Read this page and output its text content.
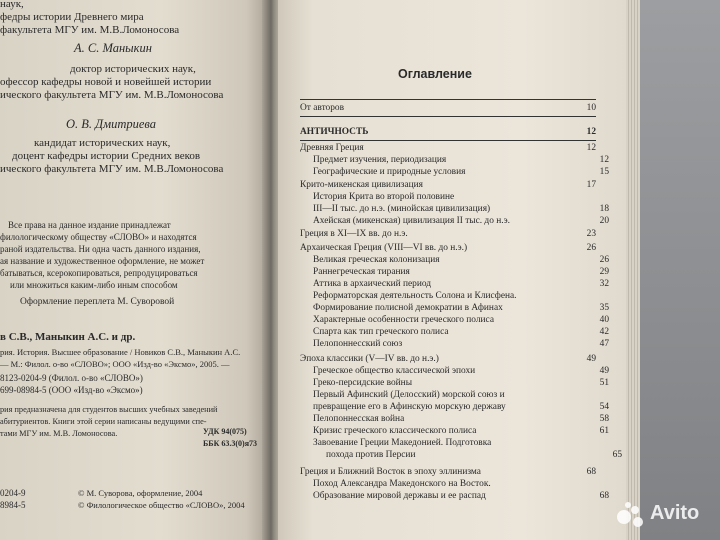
наук,
федры истории Древнего мира
факультета МГУ им. М.В.Ломоносова
А. С. Маныкин
доктор исторических наук,
офессор кафедры новой и новейшей истории
ического факультета МГУ им. М.В.Ломоносова
О. В. Дмитриева
кандидат исторических наук,
доцент кафедры истории Средних веков
ического факультета МГУ им. М.В.Ломоносова
Все права на данное издание принадлежат
филологическому обществу «СЛОВО» и находятся
раной издательства. Ни одна часть данного издания,
ая название и художественное оформление, не может
батываться, ксерокопироваться, репродуцироваться
или множиться каким-либо иным способом
Оформление переплета М. Суворовой
в С.В., Маныкин А.С. и др.
рия. История. Высшее образование / Новиков С.В., Маныкин А.С.
— М.: Филол. о-во «СЛОВО»; ООО «Изд-во «Эксмо», 2005. —
8123-0204-9 (Филол. о-во «СЛОВО»)
699-08984-5 (ООО «Изд-во «Эксмо»)
рия предназначена для студентов высших учебных заведений
абитуриентов. Книги этой серии написаны ведущими спе-
тами МГУ им. М.В. Ломоносова.	УДК 94(075)
ББК 63.3(0)я73
0204-9
8984-5
© М. Суворова, оформление, 2004
© Филологическое общество «СЛОВО», 2004
Оглавление
От авторов	10
АНТИЧНОСТЬ	12
Древняя Греция	12
Предмет изучения, периодизация	12
Географические и природные условия	15
Крито-микенская цивилизация	17
История Крита во второй половине
III—II тыс. до н.э. (минойская цивилизация)	18
Ахейская (микенская) цивилизация II тыс. до н.э.	20
Греция в XI—IX вв. до н.э.	23
Архаическая Греция (VIII—VI вв. до н.э.)	26
Великая греческая колонизация	26
Раннегреческая тирания	29
Аттика в архаический период	32
Реформаторская деятельность Солона и Клисфена.
Формирование полисной демократии в Афинах	35
Характерные особенности греческого полиса	40
Спарта как тип греческого полиса	42
Пелопоннесский союз	47
Эпоха классики (V—IV вв. до н.э.)	49
Греческое общество классической эпохи	49
Греко-персидские войны	51
Первый Афинский (Делосский) морской союз и
превращение его в Афинскую морскую державу	54
Пелопоннесская война	58
Кризис греческого классического полиса	61
Завоевание Греции Македонией. Подготовка
похода против Персии	65
Греция и Ближний Восток в эпоху эллинизма	68
Поход Александра Македонского на Восток.
Образование мировой державы и ее распад	68
Avito
